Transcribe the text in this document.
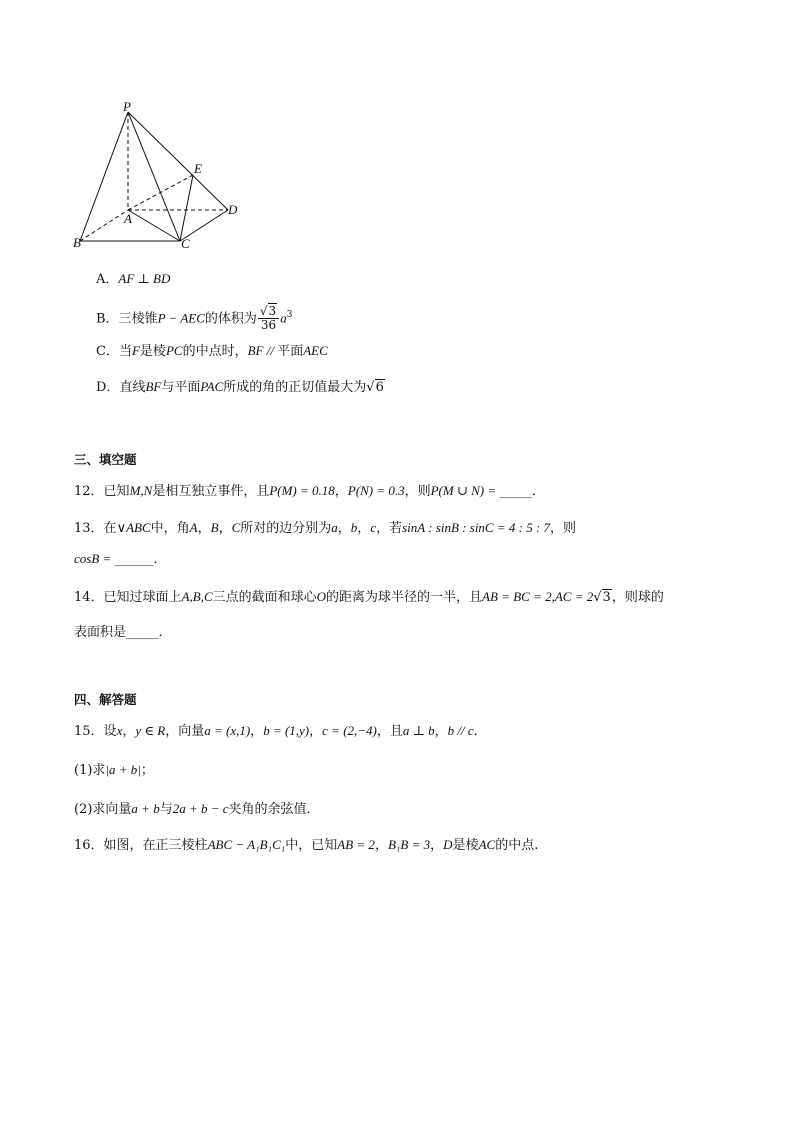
P
E
D
A
B	C
A．AF ⊥ BD
B．三棱锥P − AEC的体积为 $\frac{√3}{36} a^3$
C．当F是棱PC的中点时，BF // 平面AEC
D．直线BF与平面PAC所成的角的正切值最大为√6
三、填空题
12．已知M,N是相互独立事件，且P(M) = 0.18，P(N) = 0.3，则P(M ∪ N) = _____．
13．在∨ABC中，角A，B，C所对的边分别为a，b，c，若sinA : sinB : sinC = 4 : 5 : 7，则
cosB = ______．
14．已知过球面上A,B,C三点的截面和球心O的距离为球半径的一半，且AB = BC = 2,AC = 2√3，则球的
表面积是_____．
四、解答题
15．设x，y ∈ R，向量a = (x,1)，b = (1,y)，c = (2,−4)，且a ⊥ b，b // c．
(1)求|a + b|；
(2)求向量a + b与2a + b − c夹角的余弦值．
16．如图，在正三棱柱ABC − A₁B₁C₁中，已知AB = 2，B₁B = 3，D是棱AC的中点.
